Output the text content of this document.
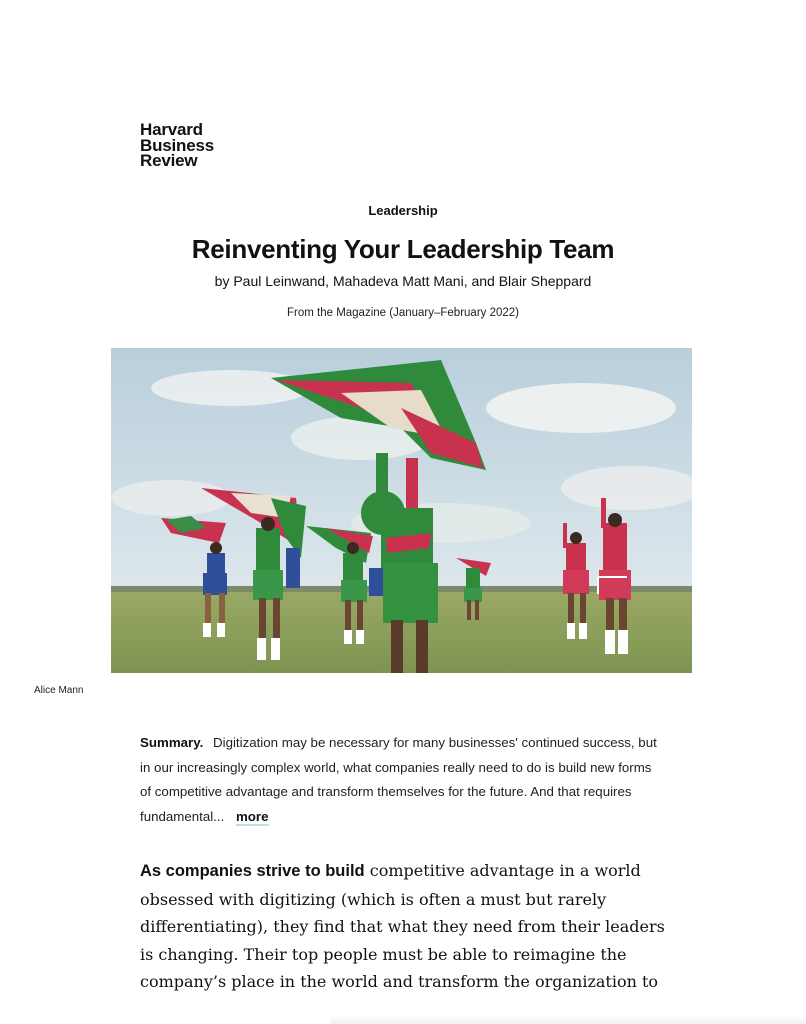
Harvard
Business
Review
Leadership
Reinventing Your Leadership Team
by Paul Leinwand, Mahadeva Matt Mani, and Blair Sheppard
From the Magazine (January–February 2022)
Alice Mann
Summary. Digitization may be necessary for many businesses' continued success, but in our increasingly complex world, what companies really need to do is build new forms of competitive advantage and transform themselves for the future. And that requires fundamental... more

As companies strive to build competitive advantage in a world obsessed with digitizing (which is often a must but rarely differentiating), they find that what they need from their leaders is changing. Their top people must be able to reimagine the company’s place in the world and transform the organization to
